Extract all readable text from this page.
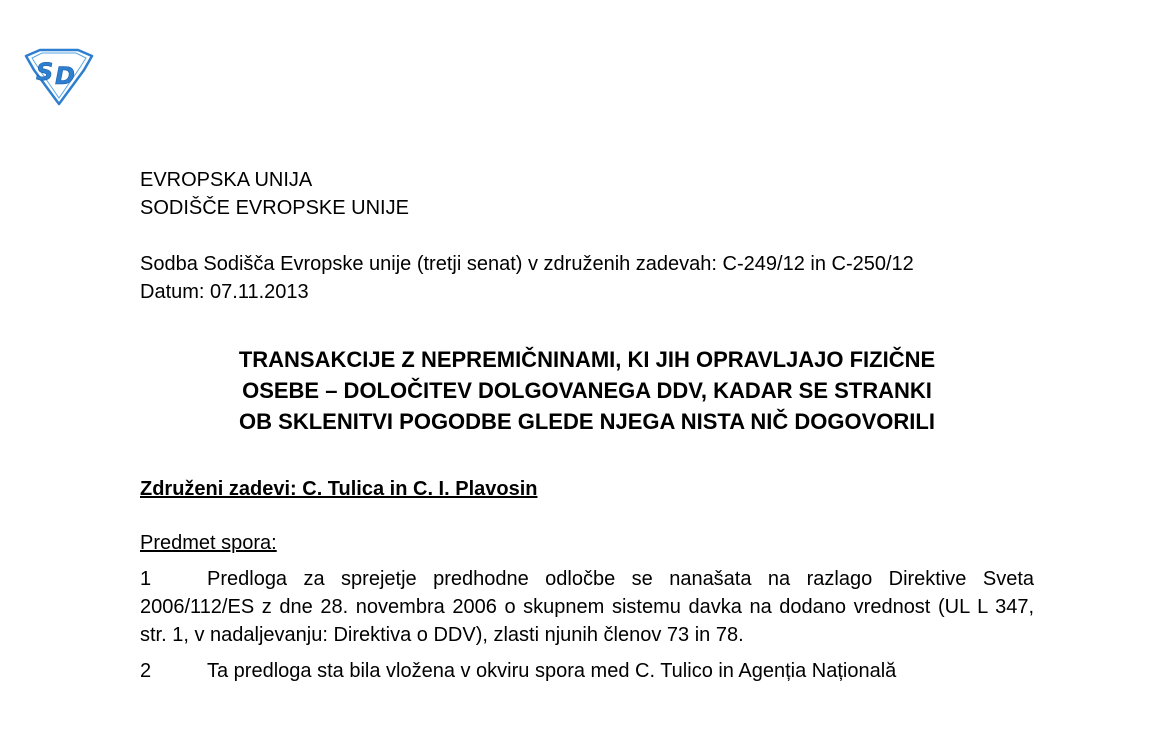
S D

EVROPSKA UNIJA

SODIŠČE EVROPSKE UNIJE

Sodba Sodišča Evropske unije (tretji senat) v združenih zadevah: C-249/12 in C-250/12

Datum: 07.11.2013

TRANSAKCIJE Z NEPREMIČNINAMI, KI JIH OPRAVLJAJO FIZIČNE
OSEBE – DOLOČITEV DOLGOVANEGA DDV, KADAR SE STRANKI
OB SKLENITVI POGODBE GLEDE NJEGA NISTA NIČ DOGOVORILI
Združeni zadevi: C. Tulica in C. I. Plavosin
Predmet spora:
1	Predloga za sprejetje predhodne odločbe se nanašata na razlago Direktive Sveta 2006/112/ES z dne 28. novembra 2006 o skupnem sistemu davka na dodano vrednost (UL L 347, str. 1, v nadaljevanju: Direktiva o DDV), zlasti njunih členov 73 in 78.
2	Ta predloga sta bila vložena v okviru spora med C. Tulico in Agenția Națională
